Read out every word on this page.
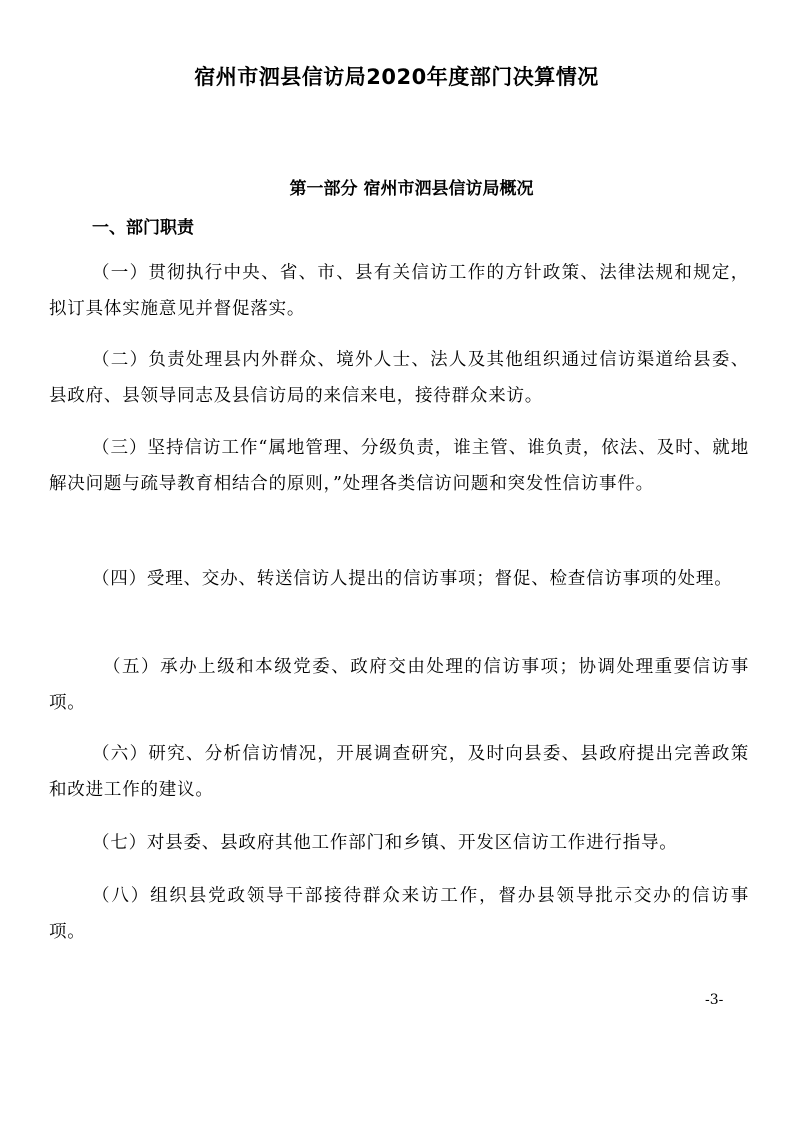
宿州市泗县信访局2020年度部门决算情况
第一部分 宿州市泗县信访局概况
一、部门职责
（一）贯彻执行中央、省、市、县有关信访工作的方针政策、法律法规和规定，拟订具体实施意见并督促落实。
（二）负责处理县内外群众、境外人士、法人及其他组织通过信访渠道给县委、县政府、县领导同志及县信访局的来信来电，接待群众来访。
（三）坚持信访工作“属地管理、分级负责，谁主管、谁负责，依法、及时、就地解决问题与疏导教育相结合的原则，”处理各类信访问题和突发性信访事件。
（四）受理、交办、转送信访人提出的信访事项；督促、检查信访事项的处理。
（五）承办上级和本级党委、政府交由处理的信访事项；协调处理重要信访事项。
（六）研究、分析信访情况，开展调查研究，及时向县委、县政府提出完善政策和改进工作的建议。
（七）对县委、县政府其他工作部门和乡镇、开发区信访工作进行指导。
（八）组织县党政领导干部接待群众来访工作，督办县领导批示交办的信访事项。
-3-
